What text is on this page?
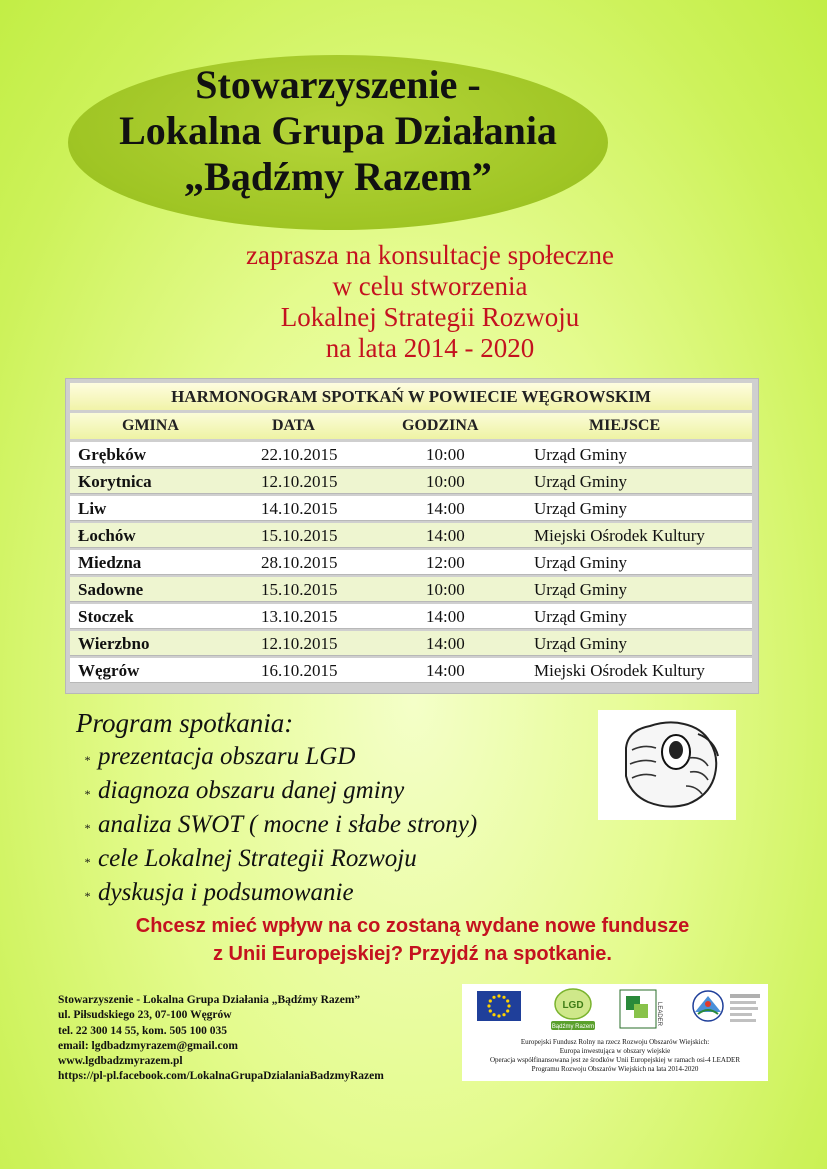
Stowarzyszenie -
Lokalna Grupa Działania
„Bądźmy Razem”
zaprasza na konsultacje społeczne
w celu stworzenia
Lokalnej Strategii Rozwoju
na lata 2014 - 2020
HARMONOGRAM SPOTKAŃ W POWIECIE WĘGROWSKIM
GMINA	DATA	GODZINA	MIEJSCE
Grębków	22.10.2015	10:00	Urząd Gminy
Korytnica	12.10.2015	10:00	Urząd Gminy
Liw	14.10.2015	14:00	Urząd Gminy
Łochów	15.10.2015	14:00	Miejski Ośrodek Kultury
Miedzna	28.10.2015	12:00	Urząd Gminy
Sadowne	15.10.2015	10:00	Urząd Gminy
Stoczek	13.10.2015	14:00	Urząd Gminy
Wierzbno	12.10.2015	14:00	Urząd Gminy
Węgrów	16.10.2015	14:00	Miejski Ośrodek Kultury
Program spotkania:
* prezentacja obszaru LGD
* diagnoza obszaru danej gminy
* analiza SWOT ( mocne i słabe strony)
* cele Lokalnej Strategii Rozwoju
* dyskusja i podsumowanie
Chcesz mieć wpływ na co zostaną wydane nowe fundusze
z Unii Europejskiej? Przyjdź na spotkanie.
Stowarzyszenie - Lokalna Grupa Działania „Bądźmy Razem”
ul. Piłsudskiego 23, 07-100 Węgrów
tel. 22 300 14 55, kom. 505 100 035
email: lgdbadzmyrazem@gmail.com
www.lgdbadzmyrazem.pl
https://pl-pl.facebook.com/LokalnaGrupaDzialaniaBadzmyRazem
LGD
Bądźmy Razem
LEADER
Europejski Fundusz Rolny na rzecz Rozwoju Obszarów Wiejskich:
Europa inwestująca w obszary wiejskie
Operacja współfinansowana jest ze środków Unii Europejskiej w ramach osi-4 LEADER
Programu Rozwoju Obszarów Wiejskich na lata 2014-2020
